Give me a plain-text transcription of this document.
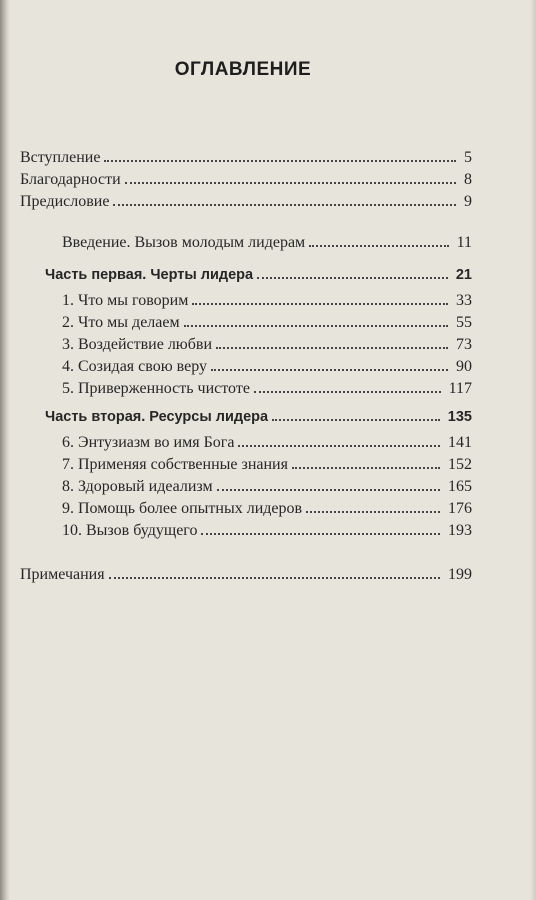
ОГЛАВЛЕНИЕ
Вступление	5
Благодарности	8
Предисловие	9
Введение. Вызов молодым лидерам	11
Часть первая. Черты лидера	21
1. Что мы говорим	33
2. Что мы делаем	55
3. Воздействие любви	73
4. Созидая свою веру	90
5. Приверженность чистоте	117
Часть вторая. Ресурсы лидера	135
6. Энтузиазм во имя Бога	141
7. Применяя собственные знания	152
8. Здоровый идеализм	165
9. Помощь более опытных лидеров	176
10. Вызов будущего	193
Примечания	199
